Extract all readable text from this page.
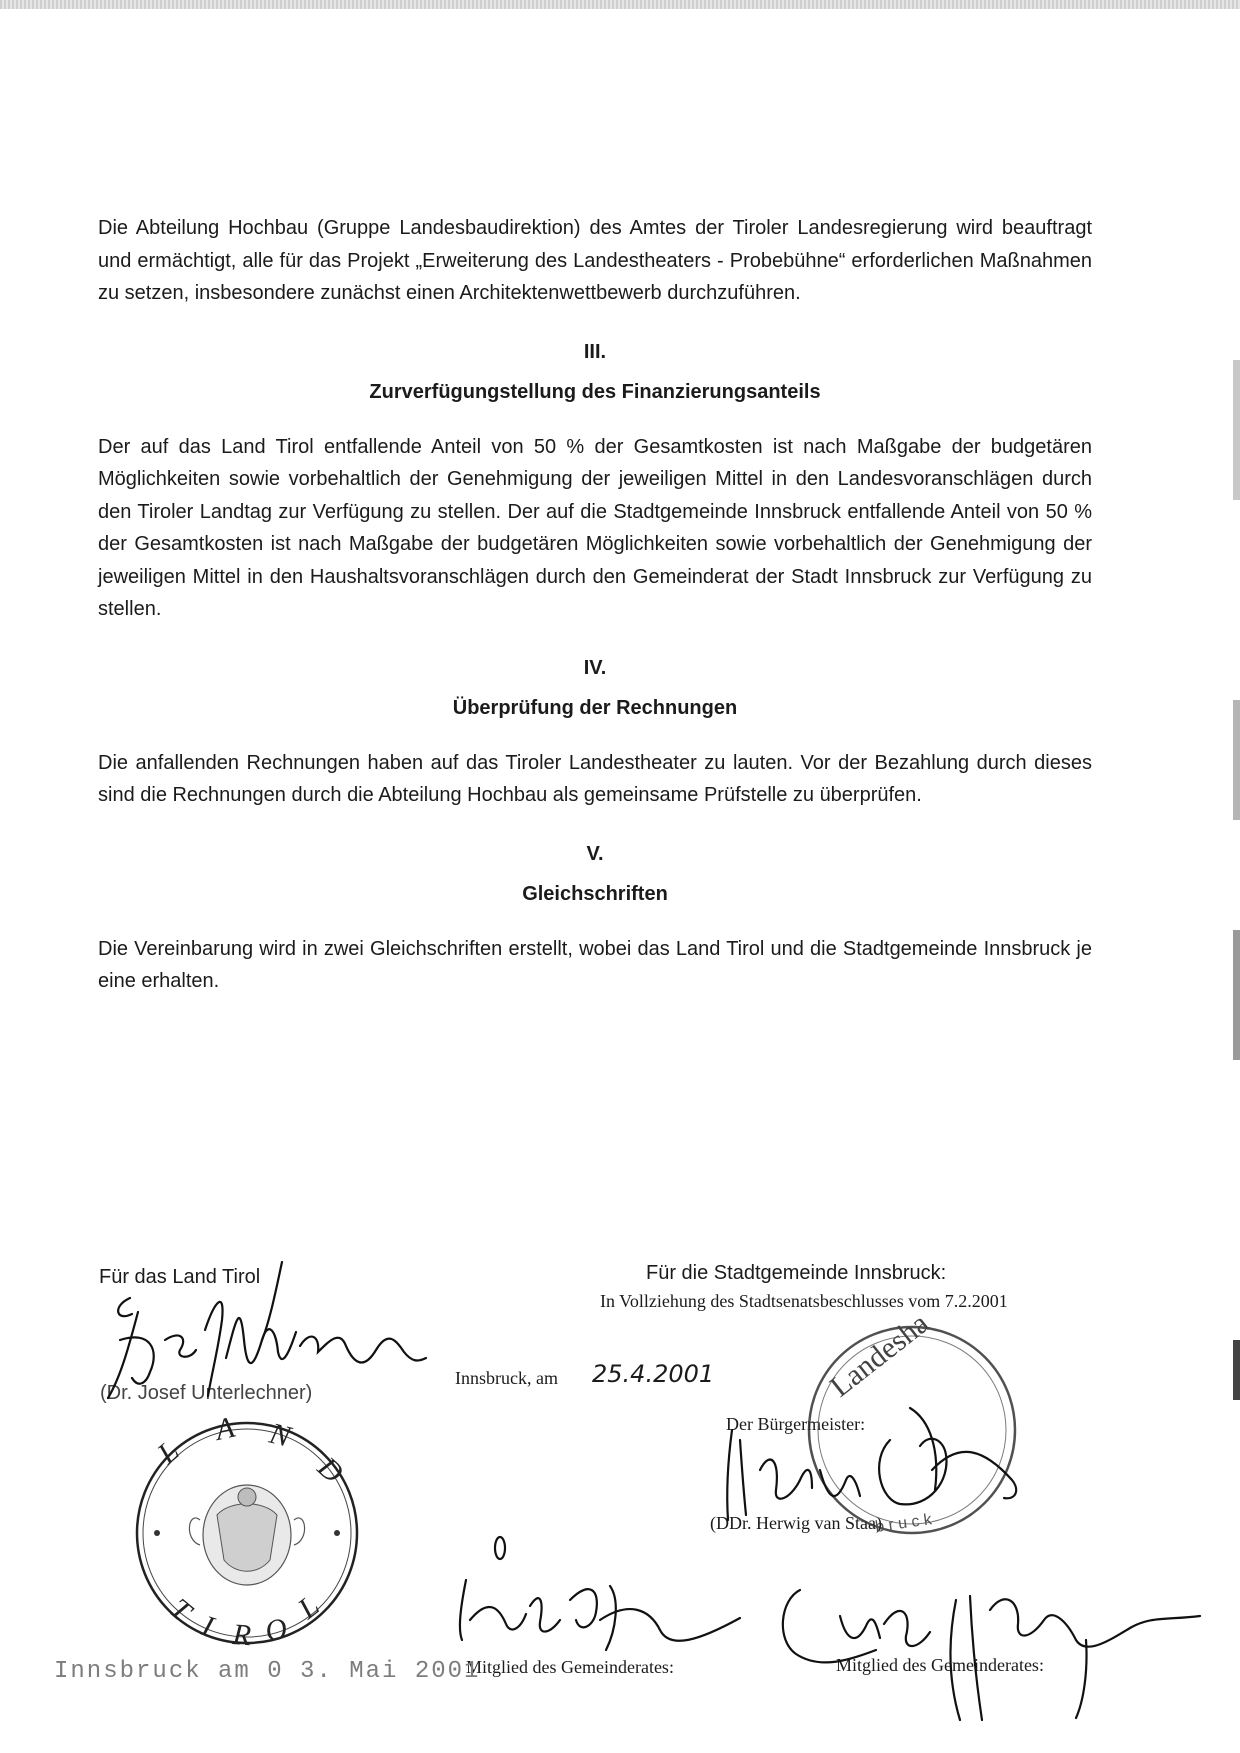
Die Abteilung Hochbau (Gruppe Landesbaudirektion) des Amtes der Tiroler Landesregierung wird beauftragt und ermächtigt, alle für das Projekt „Erweiterung des Landestheaters - Probebühne“ erforderlichen Maßnahmen zu setzen, insbesondere zunächst einen Architektenwettbewerb durchzuführen.

III.
Zurverfügungstellung des Finanzierungsanteils

Der auf das Land Tirol entfallende Anteil von 50 % der Gesamtkosten ist nach Maßgabe der budgetären Möglichkeiten sowie vorbehaltlich der Genehmigung der jeweiligen Mittel in den Landesvoranschlägen durch den Tiroler Landtag zur Verfügung zu stellen. Der auf die Stadtgemeinde Innsbruck entfallende Anteil von 50 % der Gesamtkosten ist nach Maßgabe der budgetären Möglichkeiten sowie vorbehaltlich der Genehmigung der jeweiligen Mittel in den Haushaltsvoranschlägen durch den Gemeinderat der Stadt Innsbruck zur Verfügung zu stellen.

IV.
Überprüfung der Rechnungen

Die anfallenden Rechnungen haben auf das Tiroler Landestheater zu lauten. Vor der Bezahlung durch dieses sind die Rechnungen durch die Abteilung Hochbau als gemeinsame Prüfstelle zu überprüfen.

V.
Gleichschriften

Die Vereinbarung wird in zwei Gleichschriften erstellt, wobei das Land Tirol und die Stadtgemeinde Innsbruck je eine erhalten.

Für das Land Tirol
(Dr. Josef Unterlechner)
Für die Stadtgemeinde Innsbruck:
In Vollziehung des Stadtsenatsbeschlusses vom 7.2.2001
Innsbruck, am 25.4.2001
Der Bürgermeister:
(DDr. Herwig van Staa)
Mitglied des Gemeinderates:	Mitglied des Gemeinderates:
Innsbruck am 0 3. Mai 2001
L
A N
D
T I R O
L
Landesha
b r u c k
